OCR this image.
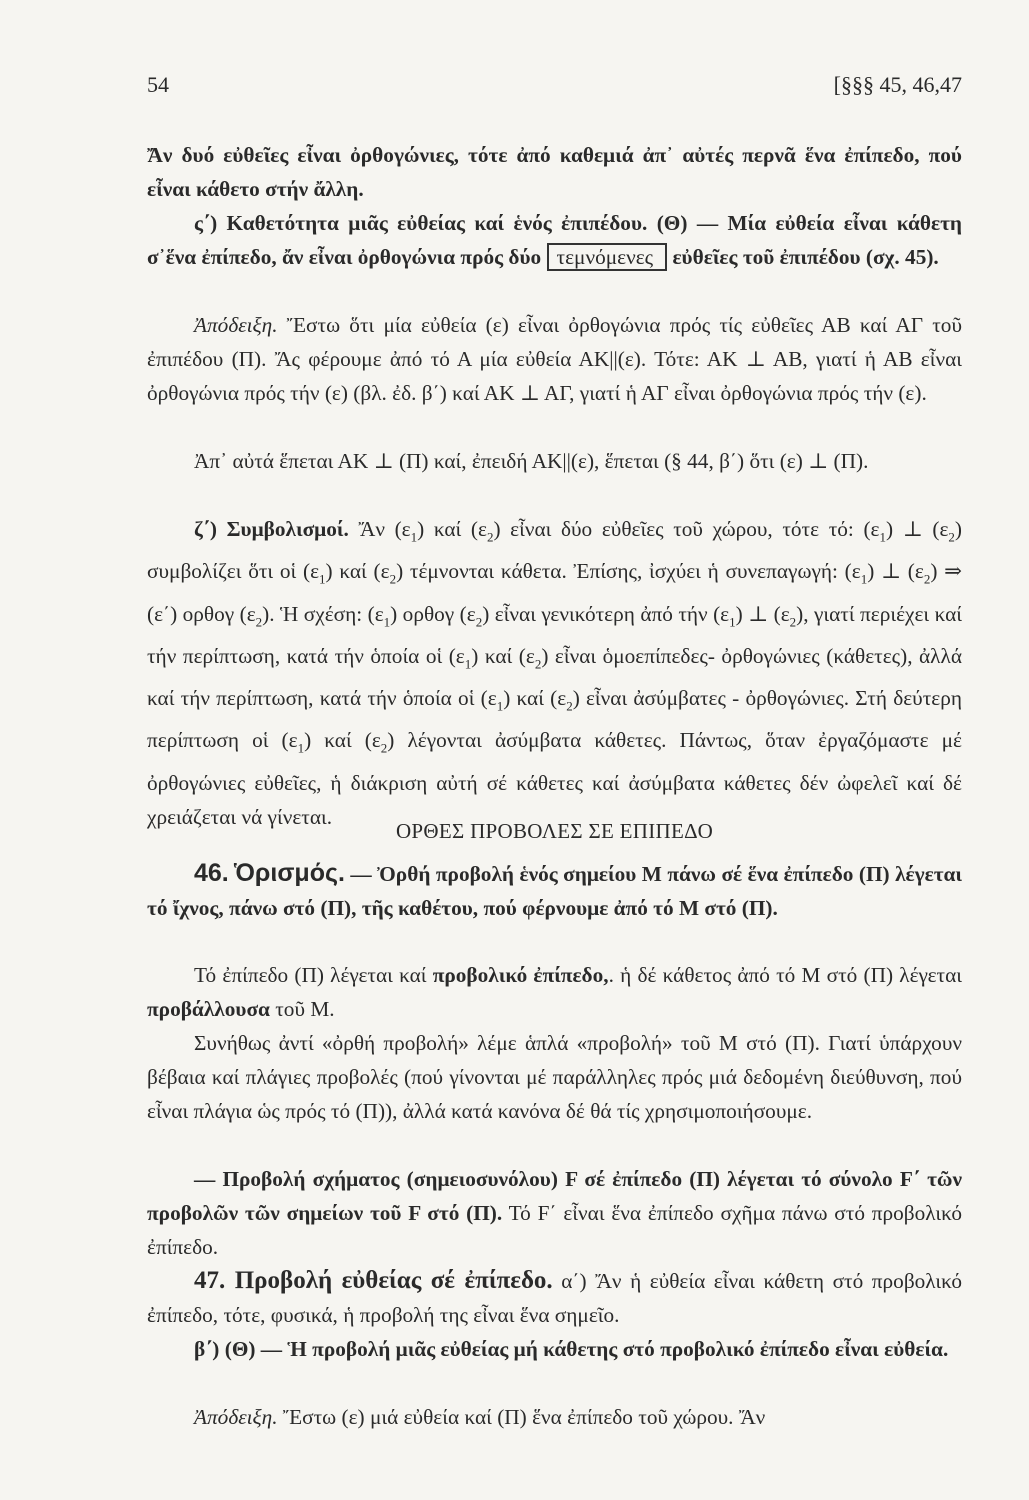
54	[§§§ 45, 46,47

Ἄν δυό εὐθεῖες εἶναι ὀρθογώνιες, τότε ἀπό καθεμιά ἀπ᾽ αὐτές περνᾶ ἕνα ἐπίπεδο, πού εἶναι κάθετο στήν ἄλλη.

ς΄) Καθετότητα μιᾶς εὐθείας καί ἑνός ἐπιπέδου. (Θ) — Μία εὐθεία εἶναι κάθετη σ᾽ἕνα ἐπίπεδο, ἄν εἶναι ὀρθογώνια πρός δύο τεμνόμενες εὐθεῖες τοῦ ἐπιπέδου (σχ. 45).

Ἀπόδειξη. Ἔστω ὅτι μία εὐθεία (ε) εἶναι ὀρθογώνια πρός τίς εὐθεῖες ΑΒ καί ΑΓ τοῦ ἐπιπέδου (Π). Ἄς φέρουμε ἀπό τό Α μία εὐθεία ΑΚ||(ε). Τότε: ΑΚ ⊥ ΑΒ, γιατί ἡ ΑΒ εἶναι ὀρθογώνια πρός τήν (ε) (βλ. ἐδ. β΄) καί ΑΚ ⊥ ΑΓ, γιατί ἡ ΑΓ εἶναι ὀρθογώνια πρός τήν (ε).

Ἀπ᾽ αὐτά ἕπεται ΑΚ ⊥ (Π) καί, ἐπειδή ΑΚ||(ε), ἕπεται (§ 44, β΄) ὅτι (ε) ⊥ (Π).

ζ΄) Συμβολισμοί. Ἄν $(\varepsilon_1)$ καί $(\varepsilon_2)$ εἶναι δύο εὐθεῖες τοῦ χώρου, τότε τό: $(\varepsilon_1)$ ⊥ $(\varepsilon_2)$ συμβολίζει ὅτι οἱ $(\varepsilon_1)$ καί $(\varepsilon_2)$ τέμνονται κάθετα. Ἐπίσης, ἰσχύει ἡ συνεπαγωγή: $(\varepsilon_1)$ ⊥ $(\varepsilon_2)$ ⇒ (ε΄) ορθογ $(\varepsilon_2)$. Ἡ σχέση: $(\varepsilon_1)$ ορθογ $(\varepsilon_2)$ εἶναι γενικότερη ἀπό τήν $(\varepsilon_1)$ ⊥ $(\varepsilon_2)$, γιατί περιέχει καί τήν περίπτωση, κατά τήν ὁποία οἱ $(\varepsilon_1)$ καί $(\varepsilon_2)$ εἶναι ὁμοεπίπεδες- ὀρθογώνιες (κάθετες), ἀλλά καί τήν περίπτωση, κατά τήν ὁποία οἱ $(\varepsilon_1)$ καί $(\varepsilon_2)$ εἶναι ἀσύμβατες - ὀρθογώνιες. Στή δεύτερη περίπτωση οἱ $(\varepsilon_1)$ καί $(\varepsilon_2)$ λέγονται ἀσύμβατα κάθετες. Πάντως, ὅταν ἐργαζόμαστε μέ ὀρθογώνιες εὐθεῖες, ἡ διάκριση αὐτή σέ κάθετες καί ἀσύμβατα κάθετες δέν ὠφελεῖ καί δέ χρειάζεται νά γίνεται.

ΟΡΘΕΣ ΠΡΟΒΟΛΕΣ ΣΕ ΕΠΙΠΕΔΟ

46. Ὁρισμός. — Ὀρθή προβολή ἑνός σημείου Μ πάνω σέ ἕνα ἐπίπεδο (Π) λέγεται τό ἴχνος, πάνω στό (Π), τῆς καθέτου, πού φέρνουμε ἀπό τό Μ στό (Π).

Τό ἐπίπεδο (Π) λέγεται καί προβολικό ἐπίπεδο,. ἡ δέ κάθετος ἀπό τό Μ στό (Π) λέγεται προβάλλουσα τοῦ Μ.

Συνήθως ἀντί «ὀρθή προβολή» λέμε ἁπλά «προβολή» τοῦ Μ στό (Π). Γιατί ὑπάρχουν βέβαια καί πλάγιες προβολές (πού γίνονται μέ παράλληλες πρός μιά δεδομένη διεύθυνση, πού εἶναι πλάγια ὡς πρός τό (Π)), ἀλλά κατά κανόνα δέ θά τίς χρησιμοποιήσουμε.

— Προβολή σχήματος (σημειοσυνόλου) F σέ ἐπίπεδο (Π) λέγεται τό σύνολο F΄ τῶν προβολῶν τῶν σημείων τοῦ F στό (Π). Τό F΄ εἶναι ἕνα ἐπίπεδο σχῆμα πάνω στό προβολικό ἐπίπεδο.

47. Προβολή εὐθείας σέ ἐπίπεδο. α΄) Ἄν ἡ εὐθεία εἶναι κάθετη στό προβολικό ἐπίπεδο, τότε, φυσικά, ἡ προβολή της εἶναι ἕνα σημεῖο.

β΄) (Θ) — Ἡ προβολή μιᾶς εὐθείας μή κάθετης στό προβολικό ἐπίπεδο εἶναι εὐθεία.

Ἀπόδειξη. Ἔστω (ε) μιά εὐθεία καί (Π) ἕνα ἐπίπεδο τοῦ χώρου. Ἄν
